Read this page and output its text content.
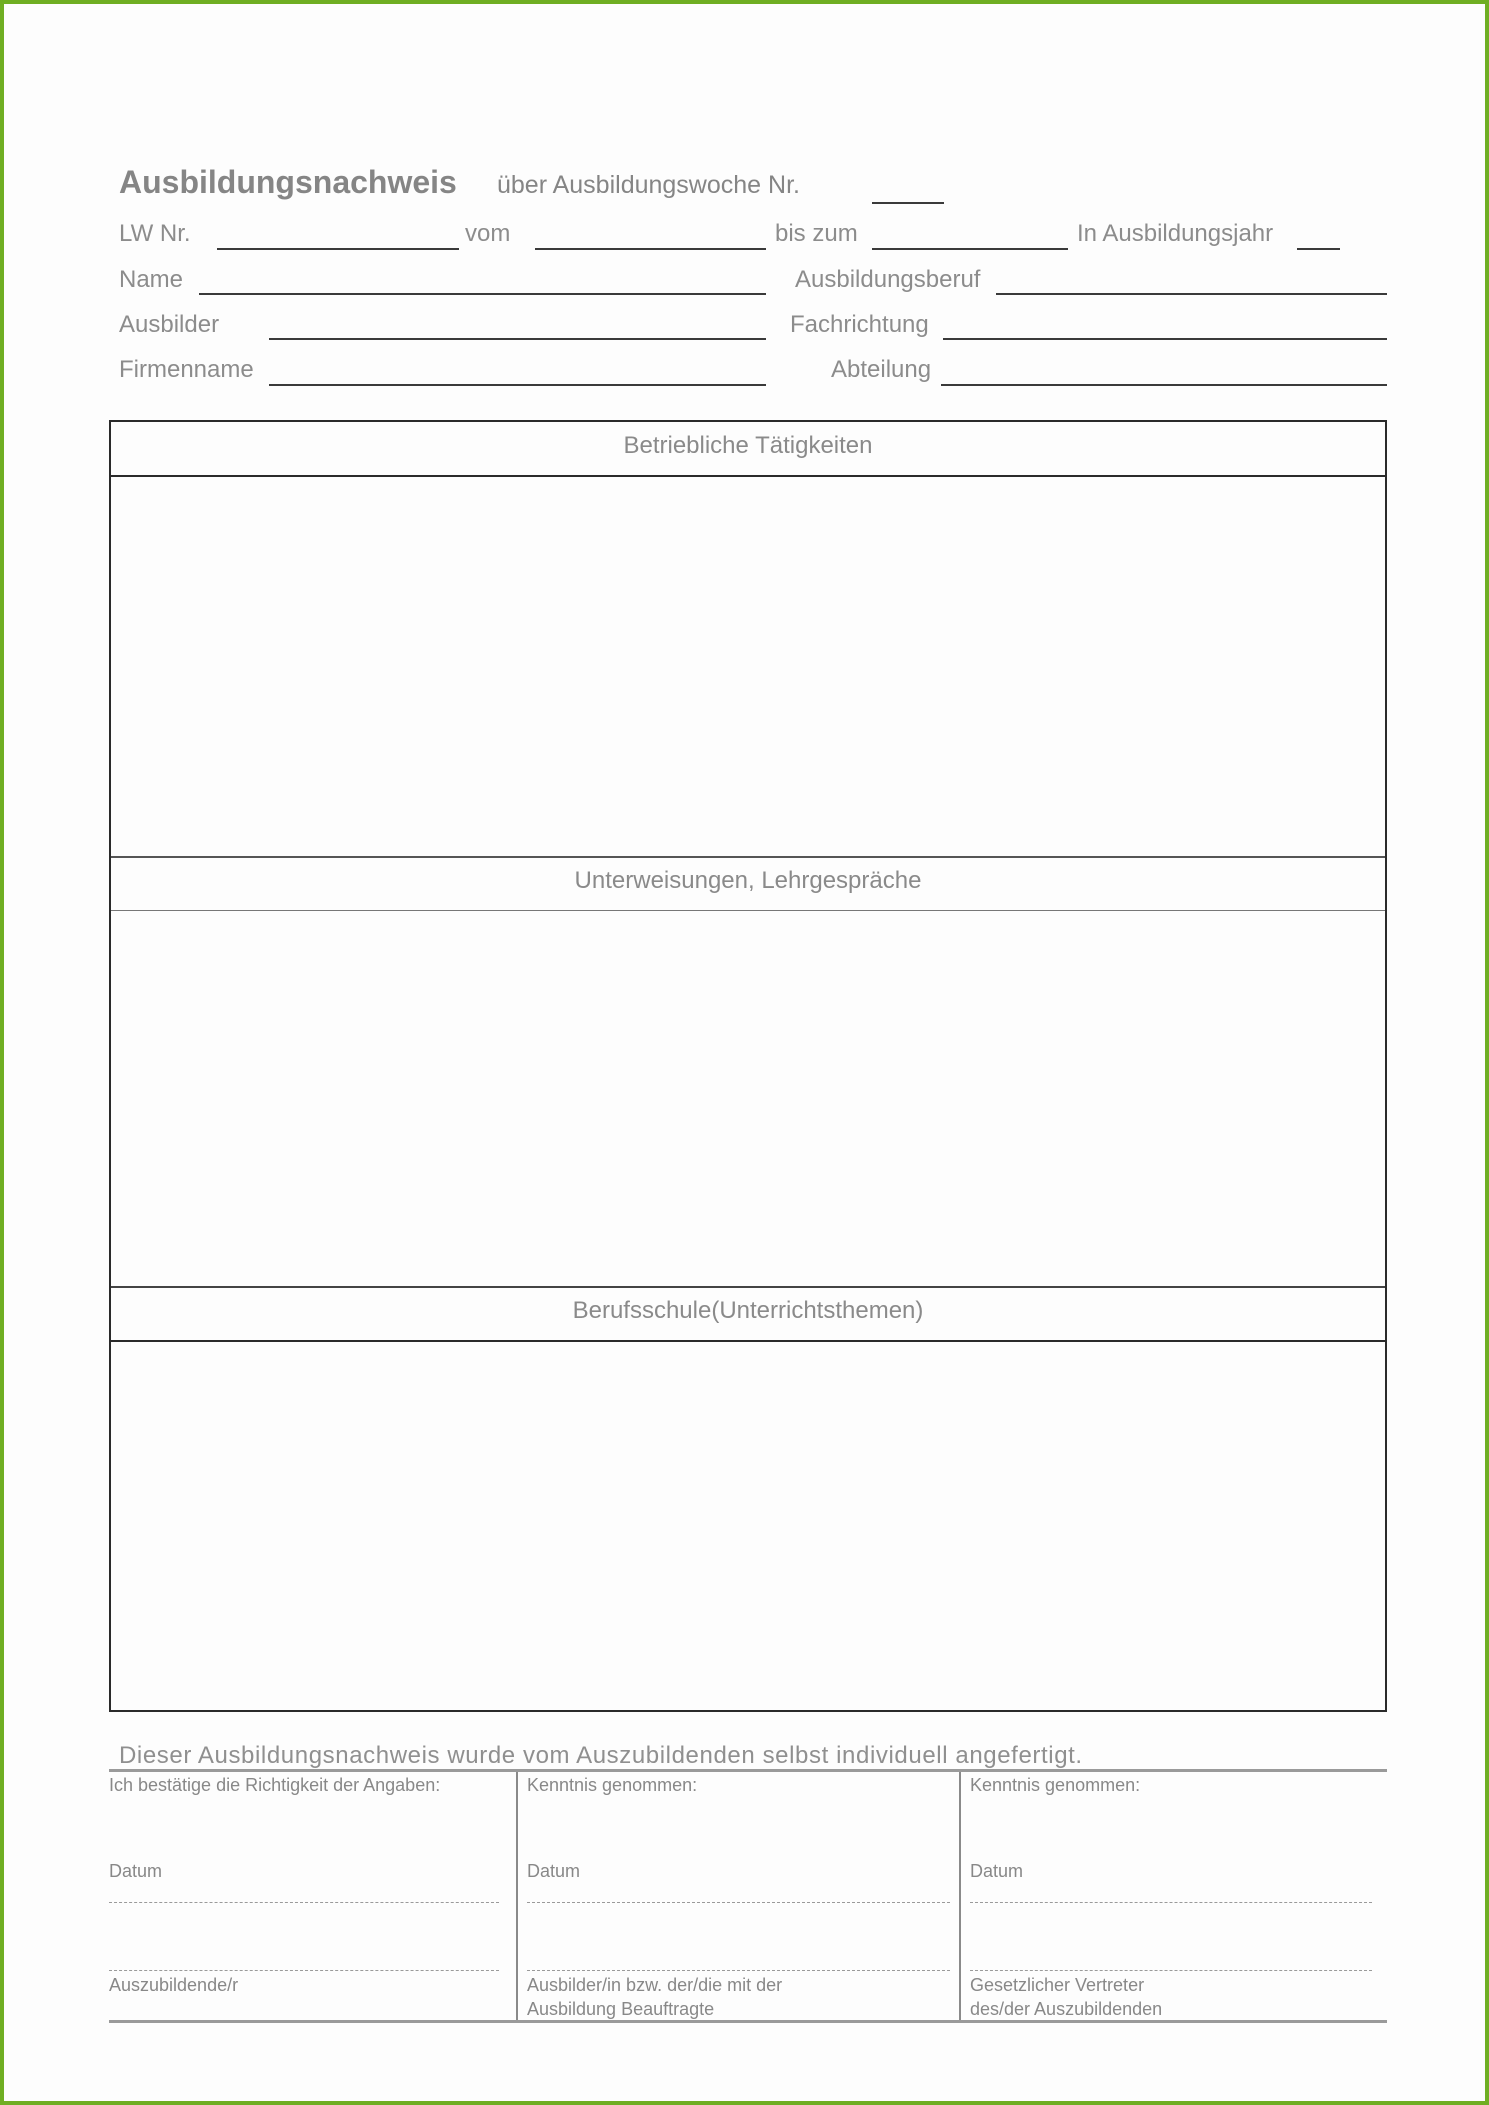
Ausbildungsnachweis über Ausbildungswoche Nr.
LW Nr.	vom	bis zum	In Ausbildungsjahr
Name	Ausbildungsberuf
Ausbilder	Fachrichtung
Firmenname	Abteilung
Betriebliche Tätigkeiten
Unterweisungen, Lehrgespräche
Berufsschule(Unterrichtsthemen)
Dieser Ausbildungsnachweis wurde vom Auszubildenden selbst individuell angefertigt.
Ich bestätige die Richtigkeit der Angaben:
Datum
Auszubildende/r
Kenntnis genommen:
Datum
Ausbilder/in bzw. der/die mit der
Ausbildung Beauftragte
Kenntnis genommen:
Datum
Gesetzlicher Vertreter
des/der Auszubildenden
